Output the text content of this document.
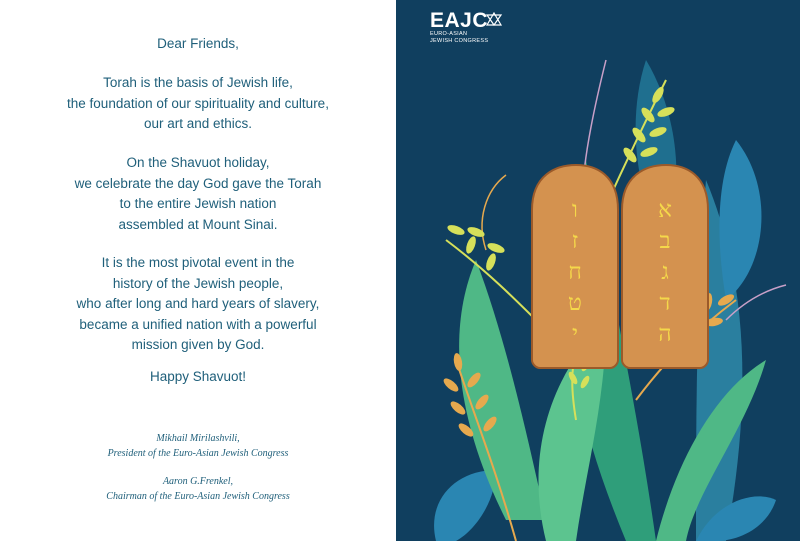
Dear Friends,
Torah is the basis of Jewish life,
the foundation of our spirituality and culture,
our art and ethics.
On the Shavuot holiday,
we celebrate the day God gave the Torah
to the entire Jewish nation
assembled at Mount Sinai.
It is the most pivotal event in the
history of the Jewish people,
who after long and hard years of slavery,
became a unified nation with a powerful
mission given by God.
Happy Shavuot!
Mikhail Mirilashvili,
President of the Euro-Asian Jewish Congress
Aaron G.Frenkel,
Chairman of the Euro-Asian Jewish Congress
EAJC
EURO-ASIAN
JEWISH CONGRESS
ו
ז
ח
ט
י
א
ב
ג
ד
ה
